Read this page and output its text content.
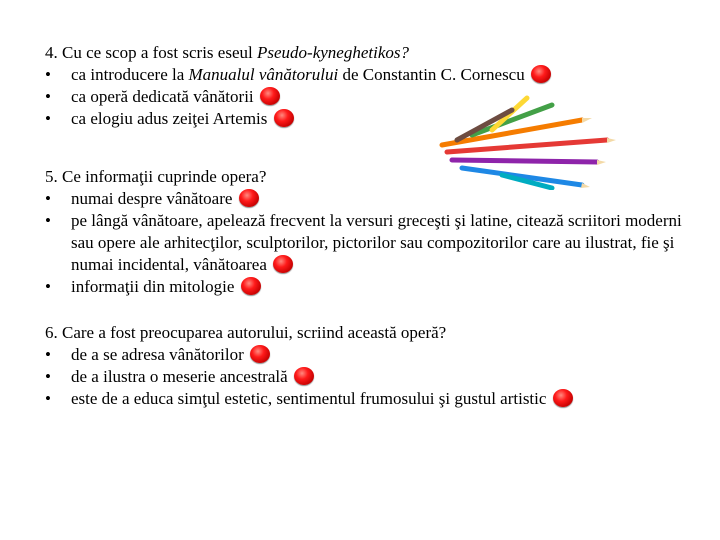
4. Cu ce scop a fost scris eseul Pseudo-kyneghetikos?
• ca introducere la Manualul vânătorului de Constantin C. Cornescu
• ca operă dedicată vânătorii
• ca elogiu adus zeiţei Artemis
5. Ce informaţii cuprinde opera?
• numai despre vânătoare
• pe lângă vânătoare, apelează frecvent la versuri greceşti şi latine, citează scriitori moderni sau opere ale arhitecţilor, sculptorilor, pictorilor sau compozitorilor care au ilustrat, fie şi numai incidental, vânătoarea
• informaţii din mitologie
6. Care a fost preocuparea autorului, scriind această operă?
• de a se adresa vânătorilor
• de a ilustra o meserie ancestrală
• este de a educa simţul estetic, sentimentul frumosului şi gustul artistic
